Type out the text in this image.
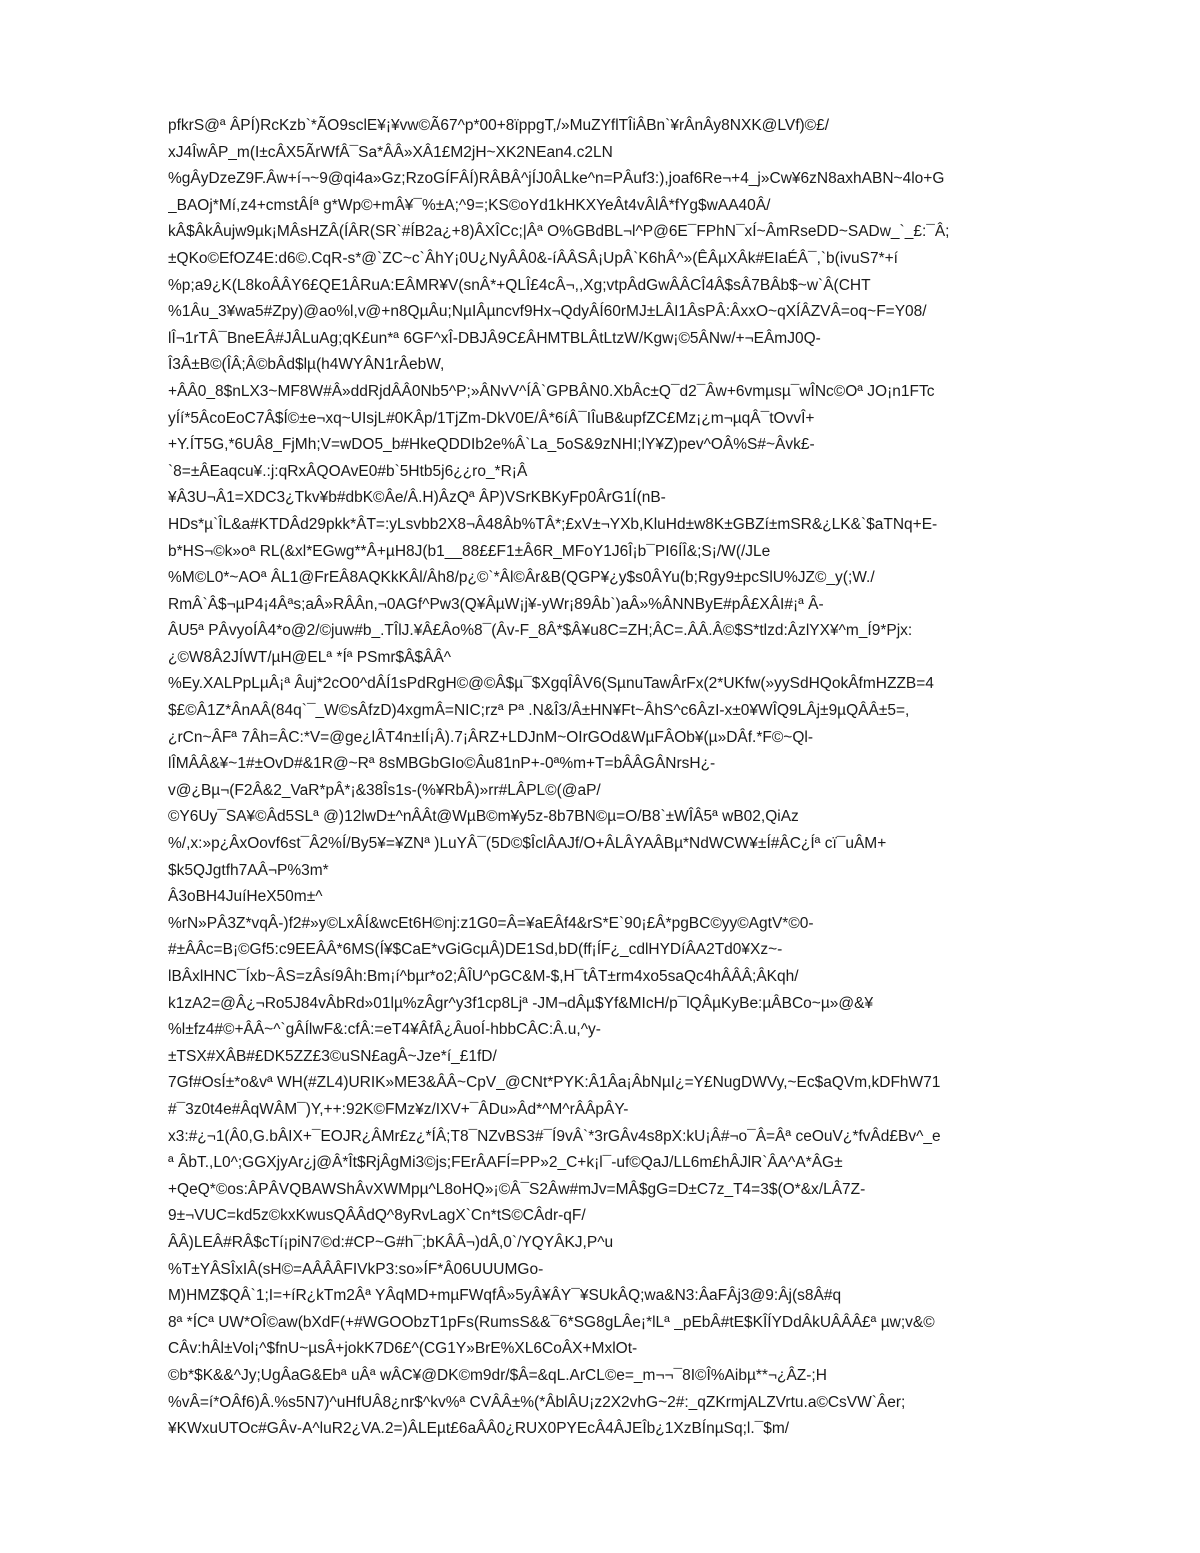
pfkrS@ª ÂPÍ)RcKzb`*ÃO9sclE¥¡¥vw©Ã67^p*00+8ïppgT,/»MuZYflTÎiÂBn`¥rÂnÂy8NXK@LVf)©£/
xJ4ÎwÂP_m(I±cÂX5ÃrWfÂ¯Sa*ÂÂ»XÂ1£M2jH~XK2NEan4.c2LN
%gÂyDzeZ9F.Âw+í¬~9@qi4a»Gz;RzoGÍFÂÍ)RÂBÂ^jÍJ0ÂLke^n=PÂuf3:),joaf6Re¬+4_j»Cw¥6zN8axhABN~4lo+G
_BAOj*Mí,z4+cmstÂÍª g*Wp©+mÂ¥¯%±A;^9=;KS©oYd1kHKXYeÂt4vÂlÂ*fYg$wAA40Â/
kÂ$ÂkÂujw9µk¡MÂsHZÂ(ÍÂR(SR`#ÍB2a¿+8)ÂXÎCc;|Âª O%GBdBL¬l^P@6E¯FPhN¯xÍ~ÂmRseDD~SADw_`_£:¯Â;
±QKo©EfOZ4E:d6©.CqR-s*@`ZC~c`ÂhY¡0U¿NyÂÂ0&-íÂÂSÂ¡UpÂ`K6hÂ^»(ÊÂµXÂk#EIaÉÂ¯,`b(ivuS7*+í
%p;a9¿K(L8koÂÂY6£QE1ÂRuA:EÂMR¥V(snÂ*+QLÎ£4cÂ¬,,Xg;vtpÂdGwÂÂCÎ4Â$sÂ7BÂb$~w`Â(CHT
%1Âu_3¥wa5#Zpy)@ao%l,v@+n8QµÂu;NµIÂµncvf9Hx¬QdyÂÍ60rMJ±LÂI1ÂsPÂ:ÂxxO~qXÍÂZVÂ=oq~F=Y08/
lÎ¬1rTÂ¯BneEÂ#JÂLuAg;qK£un*ª 6GF^xÎ-DBJÂ9C£ÂHMTBLÂtLtzW/Kgw¡©5ÂNw/+¬EÂmJ0Q-
Î3Â±B©(ÎÂ;Â©bÂd$lµ(h4WYÂN1rÂebW,
+ÂÂ0_8$nLX3~MF8W#Â»ddRjdÂÂ0Nb5^P;»ÂNvV^ÍÂ`GPBÂN0.XbÂc±Q¯d2¯Âw+6vmµsµ¯wÎNc©Oª JO¡n1FTc
yÍí*5ÂcoEoC7Â$Í©±e¬xq~UIsjL#0KÂp/1TjZm-DkV0E/Â*6íÂ¯IÎuB&upfZC£Mz¡¿m¬µqÂ¯tOvvÎ+
+Y.ÍT5G,*6UÂ8_FjMh;V=wDO5_b#HkeQDDIb2e%Â`La_5oS&9zNHI;lY¥Z)pev^OÂ%S#~Âvk£-
`8=±ÂEaqcu¥.:j:qRxÂQOAvE0#b`5Htb5j6¿¿ro_*R¡Â
¥Â3U¬Â1=XDC3¿Tkv¥b#dbK©Âe/Â.H)ÂzQª ÂP)VSrKBKyFp0ÂrG1Í(nB-
HDs*µ`ÎL&a#KTDÂd29pkk*ÂT=:yLsvbb2X8¬Â48Âb%TÂ*;£xV±¬YXb,KluHd±w8K±GBZí±mSR&¿LK&`$aTNq+E-
b*HS¬©k»oª RL(&xl*EGwg**Â+µH8J(b1__88££F1±Â6R_MFoY1J6Î¡b¯PI6ÍÎ&;S¡/W(/JLe
%M©L0*~AOª ÂL1@FrEÂ8AQKkKÂl/Âh8/p¿©`*Âl©Âr&B(QGP¥¿y$s0ÂYu(b;Rgy9±pcSlU%JZ©_y(;W./
RmÂ`Â$¬µP4¡4Âªs;aÂ»RÂÂn,¬0AGf^Pw3(Q¥ÂµW¡j¥-yWr¡89Âb`)aÂ»%ÂNNByE#pÂ£XÂI#¡ª Â-
ÂU5ª PÂvyoÍÂ4*o@2/©juw#b_.TÎlJ.¥Â£Âo%8¯(Âv-F_8Â*$Â¥u8C=ZH;ÂC=.ÂÂ.Â©$S*tlzd:ÂzlYX¥^m_Í9*Pjx:
¿©W8Â2JÍWT/µH@ELª *Íª PSmr$Â$ÂÂ^
%Ey.XALPpLµÂ¡ª Âuj*2cO0^dÂÍ1sPdRgH©@©Â$µ¯$XgqÎÂV6(SµnuTawÂrFx(2*UKfw(»yySdHQokÂfmHZZB=4
$£©Â1Z*ÂnAÂ(84q`¯_W©sÂfzD)4xgmÂ=NIC;rzª Pª .N&Î3/Â±HN¥Ft~ÂhS^c6ÂzI-x±0¥WÎQ9LÂj±9µQÂÂ±5=,
¿rCn~ÂFª 7Âh=ÂC:*V=@ge¿lÂT4n±IÍ¡Â).7¡ÂRZ+LDJnM~OIrGOd&WµFÂOb¥(µ»DÂf.*F©~Ql-
lÎMÂÂ&¥~1#±OvD#&1R@~Rª 8sMBGbGIo©Âu81nP+-0ª%m+T=bÂÂGÂNrsH¿-
v@¿Bµ¬(F2Â&2_VaR*pÂ*¡&38Îs1s-(%¥RbÂ)»rr#LÂPL©(@aP/
©Y6Uy¯SA¥©Âd5SLª @)12lwD±^nÂÂt@WµB©m¥y5z-8b7BN©µ=O/B8`±WÎÂ5ª wB02,QiAz
%/,x:»p¿ÂxOovf6st¯Â2%Í/By5¥=¥ZNª )LuYÂ¯(5D©$ÎclÂAJf/O+ÂLÂYAÂBµ*NdWCW¥±Í#ÂC¿Íª cï¯uÂM+
$k5QJgtfh7AÂ¬P%3m*
Â3oBH4JuíHeX50m±^
%rN»PÂ3Z*vqÂ-)f2#»y©LxÂÍ&wcEt6H©nj:z1G0=Â=¥aEÂf4&rS*E`90¡£Â*pgBC©yy©AgtV*©0-
#±ÂÂc=B¡©Gf5:c9EEÂÂ*6MS(Í¥$CaE*vGiGcµÂ)DE1Sd,bD(ff¡ÍF¿_cdlHYDíÂA2Td0¥Xz~-
lBÂxlHNC¯Íxb~ÂS=zÂsí9Âh:Bm¡í^bµr*o2;ÂÎU^pGC&M-$,H¯tÂT±rm4xo5saQc4hÂÂÂ;ÂKqh/
k1zA2=@Â¿¬Ro5J84vÂbRd»01lµ%zÂgr^y3f1cp8Ljª -JM¬dÂµ$Yf&MIcH/p¯lQÂµKyBe:µÂBCo~µ»@&¥
%l±fz4#©+ÂÂ~^`gÂÍlwF&:cfÂ:=eT4¥ÂfÂ¿ÂuoÍ-hbbCÂC:Â.u,^y-
±TSX#XÂB#£DK5ZZ£3©uSN£agÂ~Jze*í_£1fD/
7Gf#OsÍ±*o&vª WH(#ZL4)URIK»ME3&ÂÂ~CpV_@CNt*PYK:Â1Âa¡ÂbNµI¿=Y£NugDWVy,~Ec$aQVm,kDFhW71
#¯3z0t4e#ÂqWÂM¯)Y,++:92K©FMz¥z/IXV+¯ÂDu»Âd*^M^rÂÂpÂY-
x3:#¿¬1(Â0,G.bÂIX+¯EOJR¿ÂMr£z¿*ÍÂ;T8¯NZvBS3#¯Í9vÂ`*3rGÂv4s8pX:kU¡Â#¬o¯Â=Âª ceOuV¿*fvÂd£Bv^_e
ª ÂbT.,L0^;GGXjyAr¿j@Â*Ît$RjÂgMi3©js;FErÂAFÍ=PP»2_C+k¡l¯-uf©QaJ/LL6m£hÂJlR`ÂA^A*ÂG±
+QeQ*©os:ÂPÂVQBAWShÂvXWMpµ^L8oHQ»¡©Â¯S2Âw#mJv=MÂ$gG=D±C7z_T4=3$(O*&x/LÂ7Z-
9±¬VUC=kd5z©kxKwusQÂÂdQ^8yRvLagX`Cn*tS©CÂdr-qF/
ÂÂ)LEÂ#RÂ$cTí¡piN7©d:#CP~G#h¯;bKÂÂ¬)dÂ,0`/YQYÂKJ,P^u
%T±YÂSÎxIÂ(sH©=AÂÂÂFIVkP3:so»ÍF*Â06UUUMGo-
M)HMZ$QÂ`1;I=+íR¿kTm2Âª YÂqMD+mµFWqfÂ»5yÂ¥ÂY¯¥SUkÂQ;wa&N3:ÂaFÂj3@9:Âj(s8Â#q
8ª *ÍCª UW*OÎ©aw(bXdF(+#WGOObzT1pFs(RumsS&&¯6*SG8gLÂe¡*lLª _pEbÂ#tE$KÎÍYDdÂkUÂÂÂ£ª µw;v&©
CÂv:hÂl±Vol¡^$fnU~µsÂ+jokK7D6£^(CG1Y»BrE%XL6CoÂX+MxlOt-
©b*$K&&^Jy;UgÂaG&Ebª uÂª wÂC¥@DK©m9dr/$Â=&qL.ArCL©e=_m¬¬¯8I©Î%Aibµ**¬¿ÂZ-;H
%vÂ=í*OÂf6)Â.%s5N7)^uHfUÂ8¿nr$^kv%ª CVÂÂ±%(*ÂblÂU¡z2X2vhG~2#:_qZKrmjALZVrtu.a©CsVW`Âer;
¥KWxuUTOc#GÂv-A^luR2¿VA.2=)ÂLEµt£6aÂÂ0¿RUX0PYEcÂ4ÂJEÎb¿1XzBÍnµSq;l.¯$m/
